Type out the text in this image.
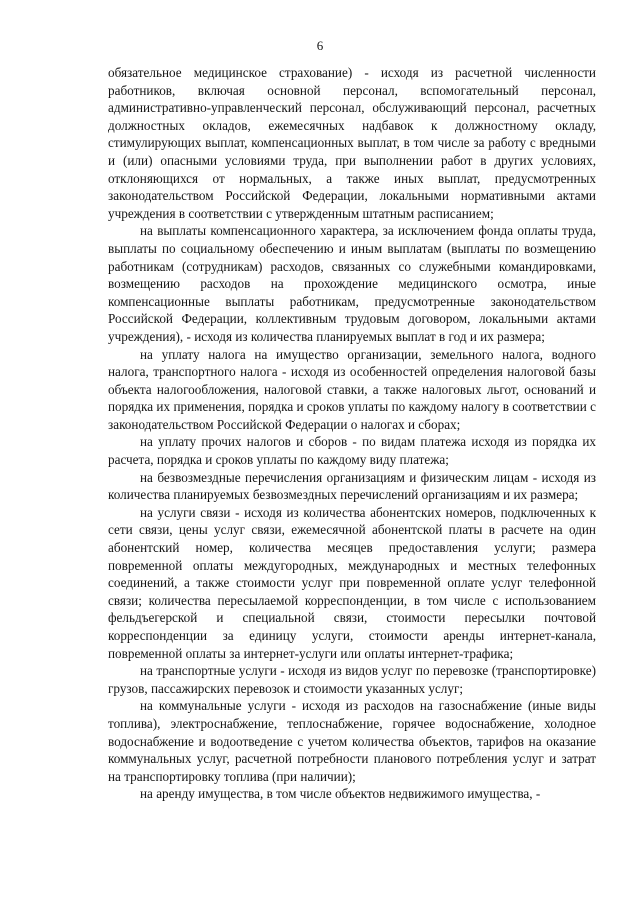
6

обязательное медицинское страхование) - исходя из расчетной численности работников, включая основной персонал, вспомогательный персонал, административно-управленческий персонал, обслуживающий персонал, расчетных должностных окладов, ежемесячных надбавок к должностному окладу, стимулирующих выплат, компенсационных выплат, в том числе за работу с вредными и (или) опасными условиями труда, при выполнении работ в других условиях, отклоняющихся от нормальных, а также иных выплат, предусмотренных законодательством Российской Федерации, локальными нормативными актами учреждения в соответствии с утвержденным штатным расписанием;

на выплаты компенсационного характера, за исключением фонда оплаты труда, выплаты по социальному обеспечению и иным выплатам (выплаты по возмещению работникам (сотрудникам) расходов, связанных со служебными командировками, возмещению расходов на прохождение медицинского осмотра, иные компенсационные выплаты работникам, предусмотренные законодательством Российской Федерации, коллективным трудовым договором, локальными актами учреждения), - исходя из количества планируемых выплат в год и их размера;

на уплату налога на имущество организации, земельного налога, водного налога, транспортного налога - исходя из особенностей определения налоговой базы объекта налогообложения, налоговой ставки, а также налоговых льгот, оснований и порядка их применения, порядка и сроков уплаты по каждому налогу в соответствии с законодательством Российской Федерации о налогах и сборах;

на уплату прочих налогов и сборов - по видам платежа исходя из порядка их расчета, порядка и сроков уплаты по каждому виду платежа;

на безвозмездные перечисления организациям и физическим лицам - исходя из количества планируемых безвозмездных перечислений организациям и их размера;

на услуги связи - исходя из количества абонентских номеров, подключенных к сети связи, цены услуг связи, ежемесячной абонентской платы в расчете на один абонентский номер, количества месяцев предоставления услуги; размера повременной оплаты междугородных, международных и местных телефонных соединений, а также стоимости услуг при повременной оплате услуг телефонной связи; количества пересылаемой корреспонденции, в том числе с использованием фельдъегерской и специальной связи, стоимости пересылки почтовой корреспонденции за единицу услуги, стоимости аренды интернет-канала, повременной оплаты за интернет-услуги или оплаты интернет-трафика;

на транспортные услуги - исходя из видов услуг по перевозке (транспортировке) грузов, пассажирских перевозок и стоимости указанных услуг;

на коммунальные услуги - исходя из расходов на газоснабжение (иные виды топлива), электроснабжение, теплоснабжение, горячее водоснабжение, холодное водоснабжение и водоотведение с учетом количества объектов, тарифов на оказание коммунальных услуг, расчетной потребности планового потребления услуг и затрат на транспортировку топлива (при наличии);

на аренду имущества, в том числе объектов недвижимого имущества, -
